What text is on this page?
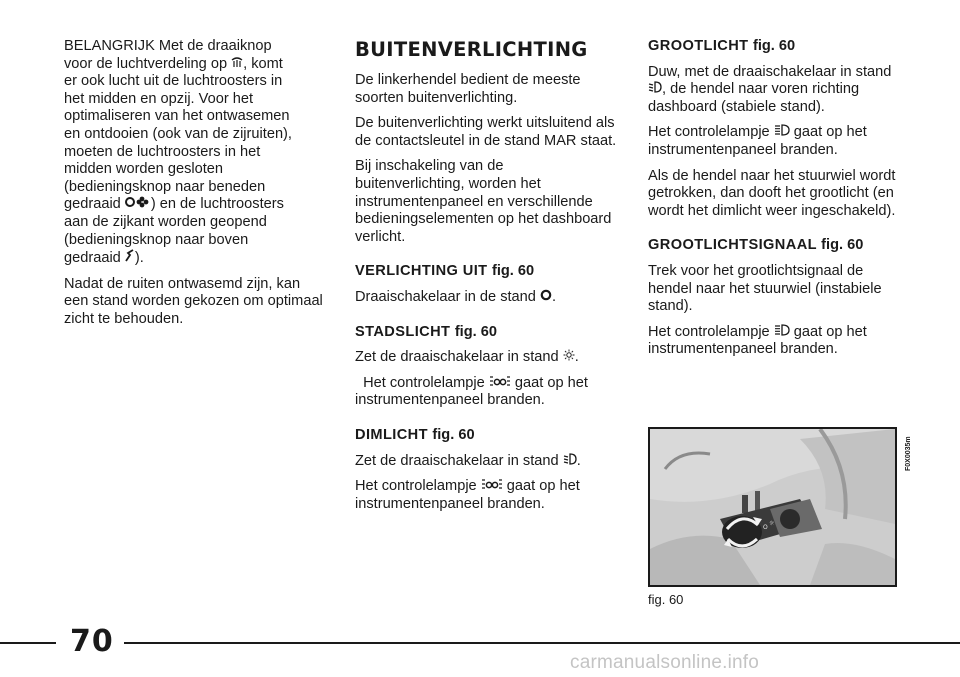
BELANGRIJK Met de draaiknop
voor de luchtverdeling op , komt
er ook lucht uit de luchtroosters in
het midden en opzij. Voor het
optimaliseren van het ontwasemen
en ontdooien (ook van de zijruiten),
moeten de luchtroosters in het
midden worden gesloten
(bedieningsknop naar beneden
gedraaid ) en de luchtroosters
aan de zijkant worden geopend
(bedieningsknop naar boven
gedraaid ).

Nadat de ruiten ontwasemd zijn, kan een stand worden gekozen om optimaal zicht te behouden.

BUITENVERLICHTING

De linkerhendel bedient de meeste soorten buitenverlichting.

De buitenverlichting werkt uitsluitend als de contactsleutel in de stand MAR staat.

Bij inschakeling van de buitenverlichting, worden het instrumentenpaneel en verschillende bedieningselementen op het dashboard verlicht.

VERLICHTING UIT fig. 60

Draaischakelaar in de stand .

STADSLICHT fig. 60

Zet de draaischakelaar in stand .

Het controlelampje  gaat op het instrumentenpaneel branden.

DIMLICHT fig. 60

Zet de draaischakelaar in stand .

Het controlelampje  gaat op het instrumentenpaneel branden.

GROOTLICHT fig. 60

Duw, met de draaischakelaar in stand , de hendel naar voren richting dashboard (stabiele stand).

Het controlelampje  gaat op het instrumentenpaneel branden.

Als de hendel naar het stuurwiel wordt getrokken, dan dooft het grootlicht (en wordt het dimlicht weer ingeschakeld).

GROOTLICHTSIGNAAL fig. 60

Trek voor het grootlichtsignaal de hendel naar het stuurwiel (instabiele stand).

Het controlelampje  gaat op het instrumentenpaneel branden.

O
☼
F0X0035m
fig. 60
70
carmanualsonline.info
